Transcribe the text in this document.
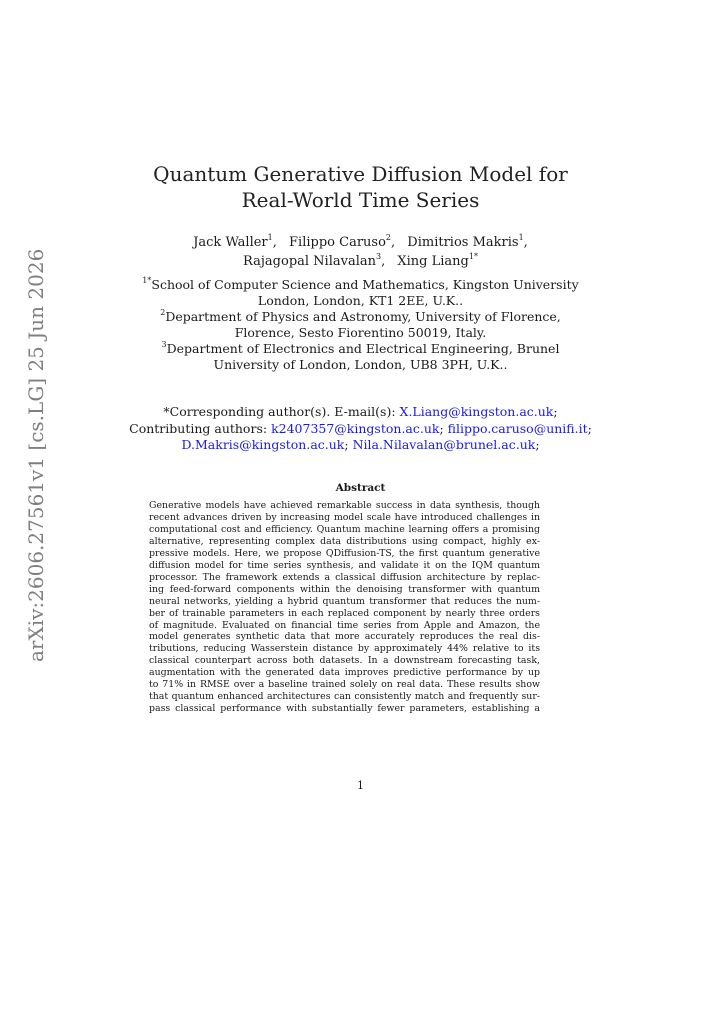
arXiv:2606.27561v1 [cs.LG] 25 Jun 2026
Quantum Generative Diffusion Model for
Real-World Time Series
Jack Waller$^1$, Filippo Caruso$^2$, Dimitrios Makris$^1$,
Rajagopal Nilavalan$^3$, Xing Liang$^{1*}$
$^{1*}$School of Computer Science and Mathematics, Kingston University
London, London, KT1 2EE, U.K..
$^2$Department of Physics and Astronomy, University of Florence,
Florence, Sesto Fiorentino 50019, Italy.
$^3$Department of Electronics and Electrical Engineering, Brunel
University of London, London, UB8 3PH, U.K..
*Corresponding author(s). E-mail(s): X.Liang@kingston.ac.uk;
Contributing authors: k2407357@kingston.ac.uk; filippo.caruso@unifi.it;
D.Makris@kingston.ac.uk; Nila.Nilavalan@brunel.ac.uk;
Abstract
Generative models have achieved remarkable success in data synthesis, though
recent advances driven by increasing model scale have introduced challenges in
computational cost and efficiency. Quantum machine learning offers a promising
alternative, representing complex data distributions using compact, highly ex-
pressive models. Here, we propose QDiffusion-TS, the first quantum generative
diffusion model for time series synthesis, and validate it on the IQM quantum
processor. The framework extends a classical diffusion architecture by replac-
ing feed-forward components within the denoising transformer with quantum
neural networks, yielding a hybrid quantum transformer that reduces the num-
ber of trainable parameters in each replaced component by nearly three orders
of magnitude. Evaluated on financial time series from Apple and Amazon, the
model generates synthetic data that more accurately reproduces the real dis-
tributions, reducing Wasserstein distance by approximately 44% relative to its
classical counterpart across both datasets. In a downstream forecasting task,
augmentation with the generated data improves predictive performance by up
to 71% in RMSE over a baseline trained solely on real data. These results show
that quantum enhanced architectures can consistently match and frequently sur-
pass classical performance with substantially fewer parameters, establishing a
1
